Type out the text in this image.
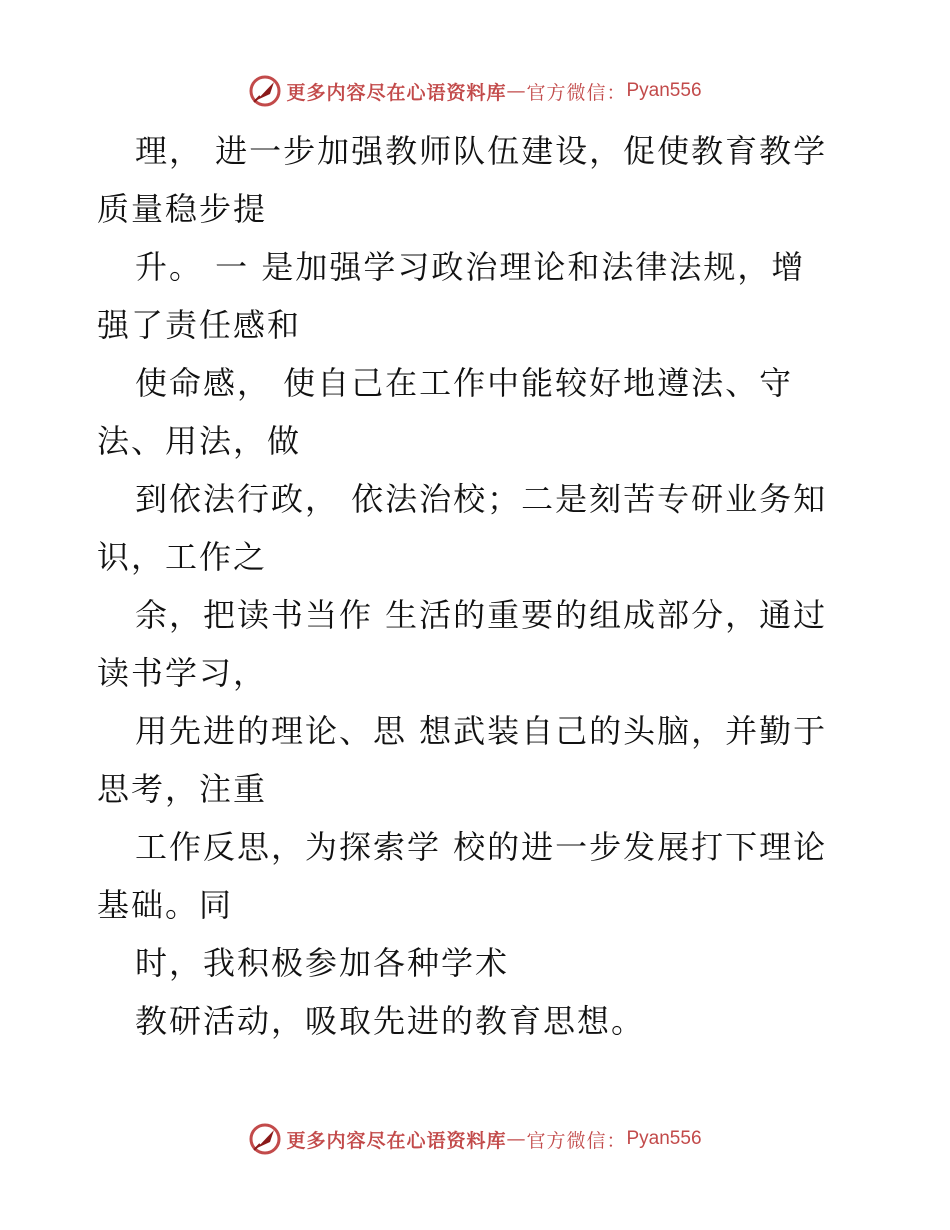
更多内容尽在心语资料库 — 官方微信： Pyan556

理， 进一步加强教师队伍建设，促使教育教学
质量稳步提

升。 一 是加强学习政治理论和法律法规，增
强了责任感和

使命感， 使自己在工作中能较好地遵法、守
法、用法，做

到依法行政， 依法治校；二是刻苦专研业务知
识，工作之

余，把读书当作 生活的重要的组成部分，通过
读书学习，

用先进的理论、思 想武装自己的头脑，并勤于
思考，注重

工作反思，为探索学 校的进一步发展打下理论
基础。同

时，我积极参加各种学术

教研活动，吸取先进的教育思想。

更多内容尽在心语资料库 — 官方微信： Pyan556
